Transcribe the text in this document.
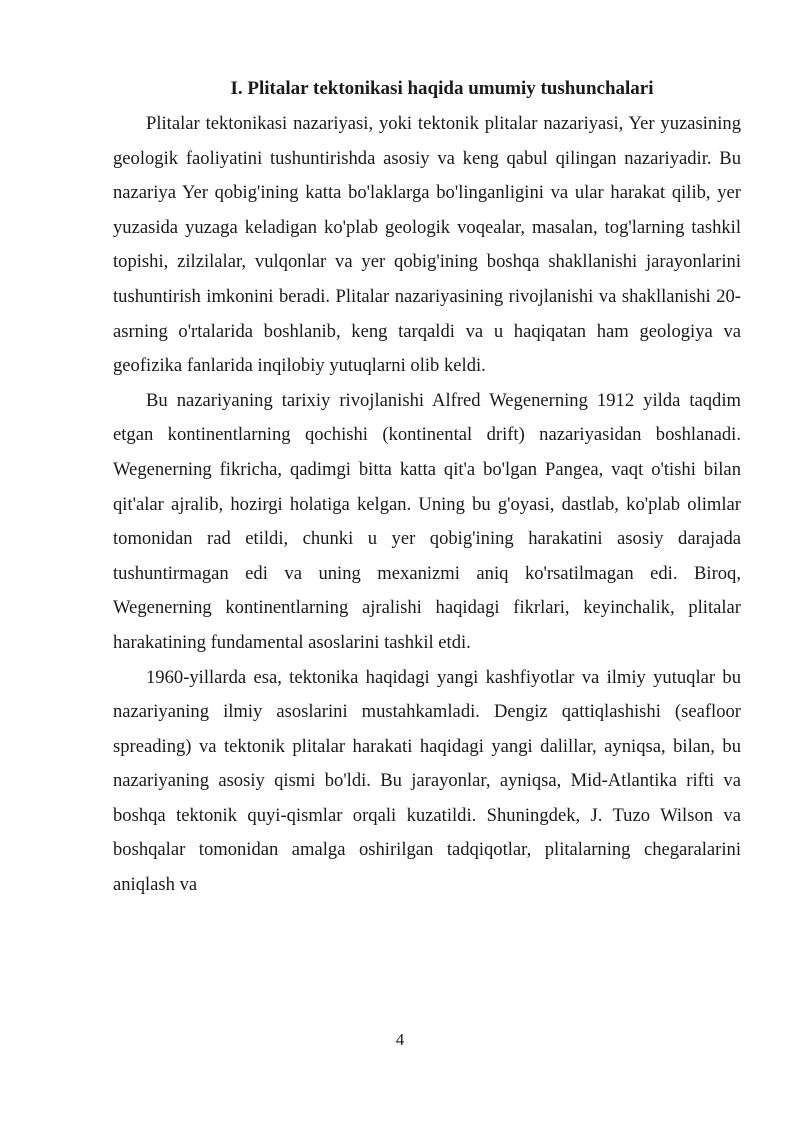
I. Plitalar tektonikasi haqida umumiy tushunchalari

Plitalar tektonikasi nazariyasi, yoki tektonik plitalar nazariyasi, Yer yuzasining geologik faoliyatini tushuntirishda asosiy va keng qabul qilingan nazariyadir. Bu nazariya Yer qobig'ining katta bo'laklarga bo'linganligini va ular harakat qilib, yer yuzasida yuzaga keladigan ko'plab geologik voqealar, masalan, tog'larning tashkil topishi, zilzilalar, vulqonlar va yer qobig'ining boshqa shakllanishi jarayonlarini tushuntirish imkonini beradi. Plitalar nazariyasining rivojlanishi va shakllanishi 20-asrning o'rtalarida boshlanib, keng tarqaldi va u haqiqatan ham geologiya va geofizika fanlarida inqilobiy yutuqlarni olib keldi.

Bu nazariyaning tarixiy rivojlanishi Alfred Wegenerning 1912 yilda taqdim etgan kontinentlarning qochishi (kontinental drift) nazariyasidan boshlanadi. Wegenerning fikricha, qadimgi bitta katta qit'a bo'lgan Pangea, vaqt o'tishi bilan qit'alar ajralib, hozirgi holatiga kelgan. Uning bu g'oyasi, dastlab, ko'plab olimlar tomonidan rad etildi, chunki u yer qobig'ining harakatini asosiy darajada tushuntirmagan edi va uning mexanizmi aniq ko'rsatilmagan edi. Biroq, Wegenerning kontinentlarning ajralishi haqidagi fikrlari, keyinchalik, plitalar harakatining fundamental asoslarini tashkil etdi.

1960-yillarda esa, tektonika haqidagi yangi kashfiyotlar va ilmiy yutuqlar bu nazariyaning ilmiy asoslarini mustahkamladi. Dengiz qattiqlashishi (seafloor spreading) va tektonik plitalar harakati haqidagi yangi dalillar, ayniqsa, bilan, bu nazariyaning asosiy qismi bo'ldi. Bu jarayonlar, ayniqsa, Mid-Atlantika rifti va boshqa tektonik quyi-qismlar orqali kuzatildi. Shuningdek, J. Tuzo Wilson va boshqalar tomonidan amalga oshirilgan tadqiqotlar, plitalarning chegaralarini aniqlash va

4
